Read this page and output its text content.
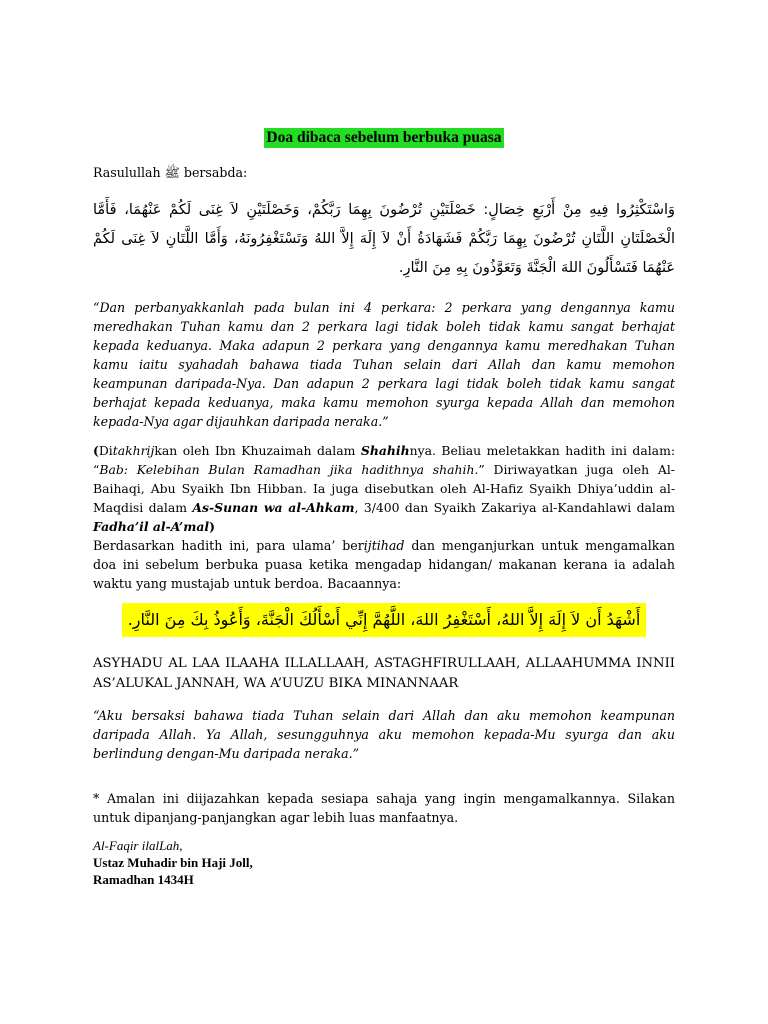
Doa dibaca sebelum berbuka puasa
Rasulullah ﷺ bersabda:
وَاسْتَكْثِرُوا فِيهِ مِنْ أَرْبَعِ خِصَالٍ: خَصْلَتَيْنِ تُرْضُونَ بِهِمَا رَبَّكُمْ، وَخَصْلَتَيْنِ لاَ غِنَى لَكُمْ عَنْهُمَا، فَأَمَّا الْخَصْلَتَانِ اللَّتَانِ تُرْضُونَ بِهِمَا رَبَّكُمْ فَشَهَادَةُ أَنْ لاَ إِلَهَ إِلاَّ اللهُ وَتَسْتَغْفِرُونَهُ، وَأَمَّا اللَّتَانِ لاَ غِنَى لَكُمْ عَنْهُمَا فَتَسْأَلُونَ اللهَ الْجَنَّةَ وَتَعَوَّذُونَ بِهِ مِنَ النَّارِ.
“Dan perbanyakkanlah pada bulan ini 4 perkara: 2 perkara yang dengannya kamu meredhakan Tuhan kamu dan 2 perkara lagi tidak boleh tidak kamu sangat berhajat kepada keduanya. Maka adapun 2 perkara yang dengannya kamu meredhakan Tuhan kamu iaitu syahadah bahawa tiada Tuhan selain dari Allah dan kamu memohon keampunan daripada-Nya. Dan adapun 2 perkara lagi tidak boleh tidak kamu sangat berhajat kepada keduanya, maka kamu memohon syurga kepada Allah dan memohon kepada-Nya agar dijauhkan daripada neraka.”
(Ditakhrijkan oleh Ibn Khuzaimah dalam Shahihnya. Beliau meletakkan hadith ini dalam: “Bab: Kelebihan Bulan Ramadhan jika hadithnya shahih.” Diriwayatkan juga oleh Al-Baihaqi, Abu Syaikh Ibn Hibban. Ia juga disebutkan oleh Al-Hafiz Syaikh Dhiya’uddin al-Maqdisi dalam As-Sunan wa al-Ahkam, 3/400 dan Syaikh Zakariya al-Kandahlawi dalam Fadha’il al-A’mal)
Berdasarkan hadith ini, para ulama’ berijtihad dan menganjurkan untuk mengamalkan doa ini sebelum berbuka puasa ketika mengadap hidangan/ makanan kerana ia adalah waktu yang mustajab untuk berdoa. Bacaannya:
أَشْهَدُ أَن لاَ إِلَهَ إِلاَّ اللهُ، أَسْتَغْفِرُ اللهَ، اللَّهُمَّ إِنِّي أَسْأَلُكَ الْجَنَّةَ، وَأَعُوذُ بِكَ مِنَ النَّارِ.
ASYHADU AL LAA ILAAHA ILLALLAAH, ASTAGHFIRULLAAH, ALLAAHUMMA INNII AS’ALUKAL JANNAH, WA A’UUZU BIKA MINANNAAR
“Aku bersaksi bahawa tiada Tuhan selain dari Allah dan aku memohon keampunan daripada Allah. Ya Allah, sesungguhnya aku memohon kepada-Mu syurga dan aku berlindung dengan-Mu daripada neraka.”
* Amalan ini diijazahkan kepada sesiapa sahaja yang ingin mengamalkannya. Silakan untuk dipanjang-panjangkan agar lebih luas manfaatnya.
Al-Faqir ilalLah,
Ustaz Muhadir bin Haji Joll,
Ramadhan 1434H
